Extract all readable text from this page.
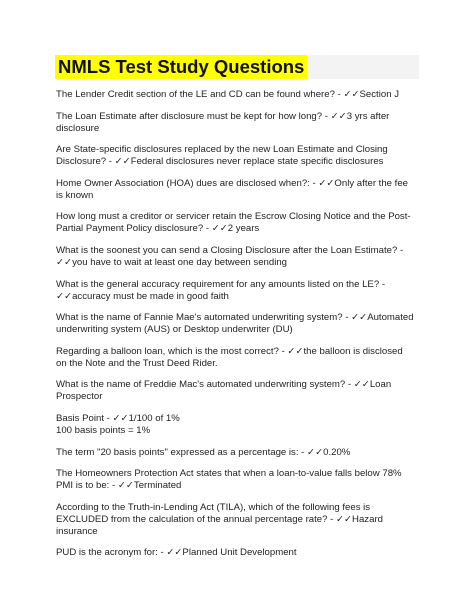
NMLS Test Study Questions
The Lender Credit section of the LE and CD can be found where? - ✓✓Section J
The Loan Estimate after disclosure must be kept for how long? - ✓✓3 yrs after disclosure
Are State-specific disclosures replaced by the new Loan Estimate and Closing Disclosure? - ✓✓Federal disclosures never replace state specific disclosures
Home Owner Association (HOA) dues are disclosed when?: - ✓✓Only after the fee is known
How long must a creditor or servicer retain the Escrow Closing Notice and the Post-Partial Payment Policy disclosure? - ✓✓2 years
What is the soonest you can send a Closing Disclosure after the Loan Estimate? - ✓✓you have to wait at least one day between sending
What is the general accuracy requirement for any amounts listed on the LE? - ✓✓accuracy must be made in good faith
What is the name of Fannie Mae's automated underwriting system? - ✓✓Automated underwriting system (AUS) or Desktop underwriter (DU)
Regarding a balloon loan, which is the most correct? - ✓✓the balloon is disclosed on the Note and the Trust Deed Rider.
What is the name of Freddie Mac's automated underwriting system? - ✓✓Loan Prospector
Basis Point - ✓✓1/100 of 1%
100 basis points = 1%
The term "20 basis points" expressed as a percentage is: - ✓✓0.20%
The Homeowners Protection Act states that when a loan-to-value falls below 78% PMI is to be: - ✓✓Terminated
According to the Truth-in-Lending Act (TILA), which of the following fees is EXCLUDED from the calculation of the annual percentage rate? - ✓✓Hazard insurance
PUD is the acronym for: - ✓✓Planned Unit Development
